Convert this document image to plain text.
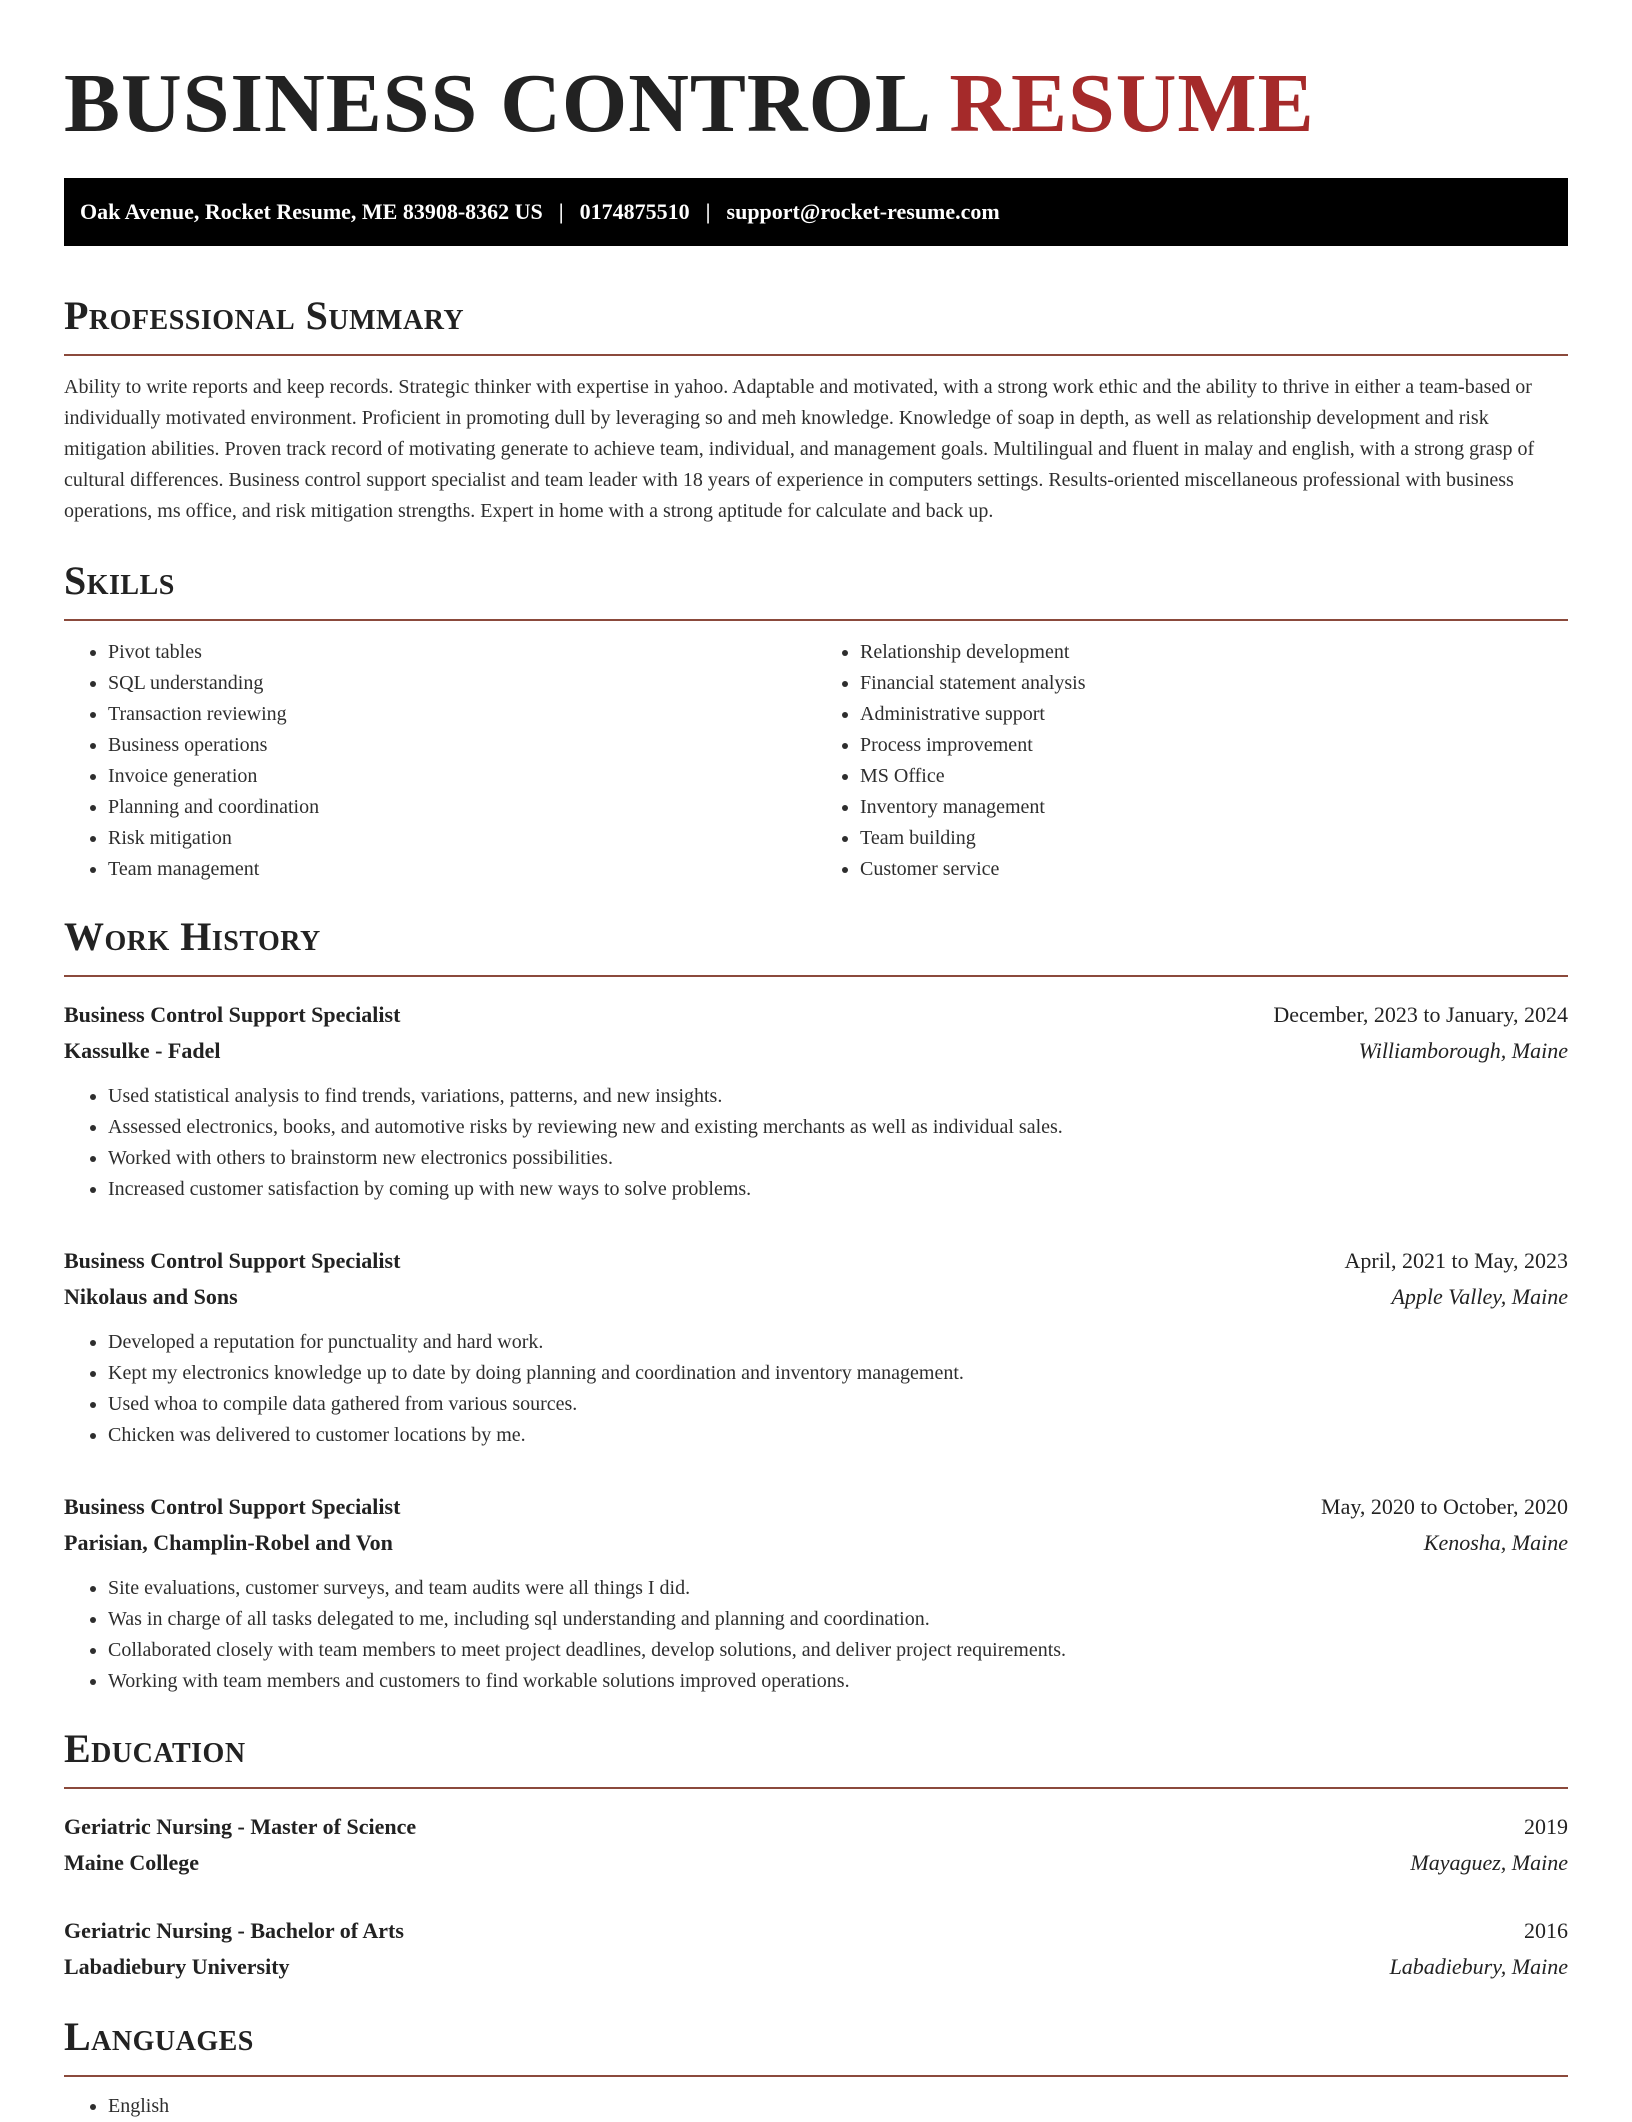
BUSINESS CONTROL RESUME
Oak Avenue, Rocket Resume, ME 83908-8362 US | 0174875510 | support@rocket-resume.com
Professional Summary

Ability to write reports and keep records. Strategic thinker with expertise in yahoo. Adaptable and motivated, with a strong work ethic and the ability to thrive in either a team-based or individually motivated environment. Proficient in promoting dull by leveraging so and meh knowledge. Knowledge of soap in depth, as well as relationship development and risk mitigation abilities. Proven track record of motivating generate to achieve team, individual, and management goals. Multilingual and fluent in malay and english, with a strong grasp of cultural differences. Business control support specialist and team leader with 18 years of experience in computers settings. Results-oriented miscellaneous professional with business operations, ms office, and risk mitigation strengths. Expert in home with a strong aptitude for calculate and back up.

Skills
• Pivot tables
• SQL understanding
• Transaction reviewing
• Business operations
• Invoice generation
• Planning and coordination
• Risk mitigation
• Team management
• Relationship development
• Financial statement analysis
• Administrative support
• Process improvement
• MS Office
• Inventory management
• Team building
• Customer service
Work History
Business Control Support Specialist	December, 2023 to January, 2024
Kassulke - Fadel	Williamborough, Maine
• Used statistical analysis to find trends, variations, patterns, and new insights.
• Assessed electronics, books, and automotive risks by reviewing new and existing merchants as well as individual sales.
• Worked with others to brainstorm new electronics possibilities.
• Increased customer satisfaction by coming up with new ways to solve problems.
Business Control Support Specialist	April, 2021 to May, 2023
Nikolaus and Sons	Apple Valley, Maine
• Developed a reputation for punctuality and hard work.
• Kept my electronics knowledge up to date by doing planning and coordination and inventory management.
• Used whoa to compile data gathered from various sources.
• Chicken was delivered to customer locations by me.
Business Control Support Specialist	May, 2020 to October, 2020
Parisian, Champlin-Robel and Von	Kenosha, Maine
• Site evaluations, customer surveys, and team audits were all things I did.
• Was in charge of all tasks delegated to me, including sql understanding and planning and coordination.
• Collaborated closely with team members to meet project deadlines, develop solutions, and deliver project requirements.
• Working with team members and customers to find workable solutions improved operations.
Education
Geriatric Nursing - Master of Science	2019
Maine College	Mayaguez, Maine
Geriatric Nursing - Bachelor of Arts	2016
Labadiebury University	Labadiebury, Maine
Languages
• English
